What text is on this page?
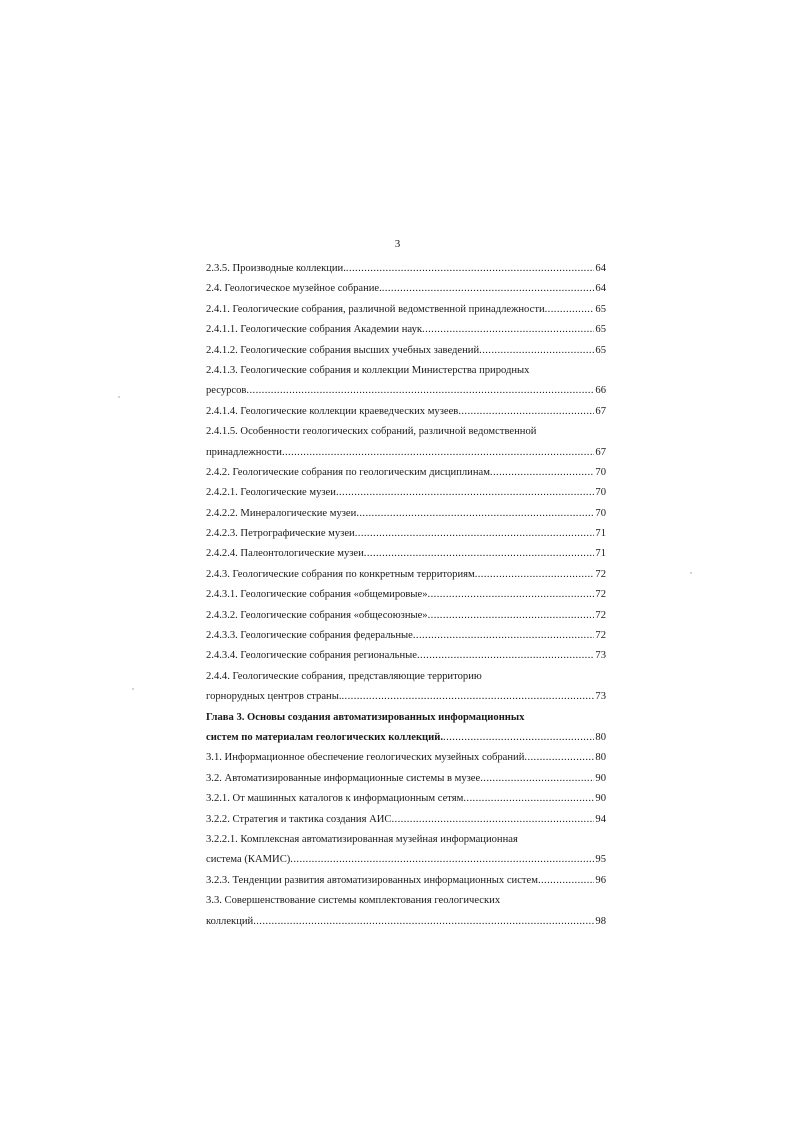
3
2.3.5. Производные коллекции. .....	64
2.4. Геологическое музейное собрание. .....	64
2.4.1. Геологические собрания, различной ведомственной принадлежности .....	65
2.4.1.1. Геологические собрания Академии наук .....	65
2.4.1.2. Геологические собрания высших учебных заведений .....	65
2.4.1.3. Геологические собрания и коллекции Министерства природных
ресурсов .....	66
2.4.1.4. Геологические коллекции краеведческих музеев .....	67
2.4.1.5. Особенности геологических собраний, различной ведомственной
принадлежности .....	67
2.4.2. Геологические собрания по геологическим дисциплинам .....	70
2.4.2.1. Геологические музеи .....	70
2.4.2.2. Минералогические музеи .....	70
2.4.2.3. Петрографические музеи .....	71
2.4.2.4. Палеонтологические музеи .....	71
2.4.3. Геологические собрания по конкретным территориям .....	72
2.4.3.1. Геологические собрания «общемировые» .....	72
2.4.3.2. Геологические собрания «общесоюзные» .....	72
2.4.3.3. Геологические собрания федеральные .....	72
2.4.3.4. Геологические собрания региональные .....	73
2.4.4. Геологические собрания, представляющие территорию
горнорудных центров страны. .....	73
Глава 3. Основы создания автоматизированных информационных
систем по материалам геологических коллекций. .....	80
3.1. Информационное обеспечение геологических музейных собраний .....	80
3.2. Автоматизированные информационные системы в музее .....	90
3.2.1. От машинных каталогов к информационным сетям .....	90
3.2.2. Стратегия и тактика создания АИС .....	94
3.2.2.1. Комплексная автоматизированная музейная информационная
система (КАМИС) .....	95
3.2.3. Тенденции развития автоматизированных информационных систем .....	96
3.3. Совершенствование системы комплектования геологических
коллекций .....	98
